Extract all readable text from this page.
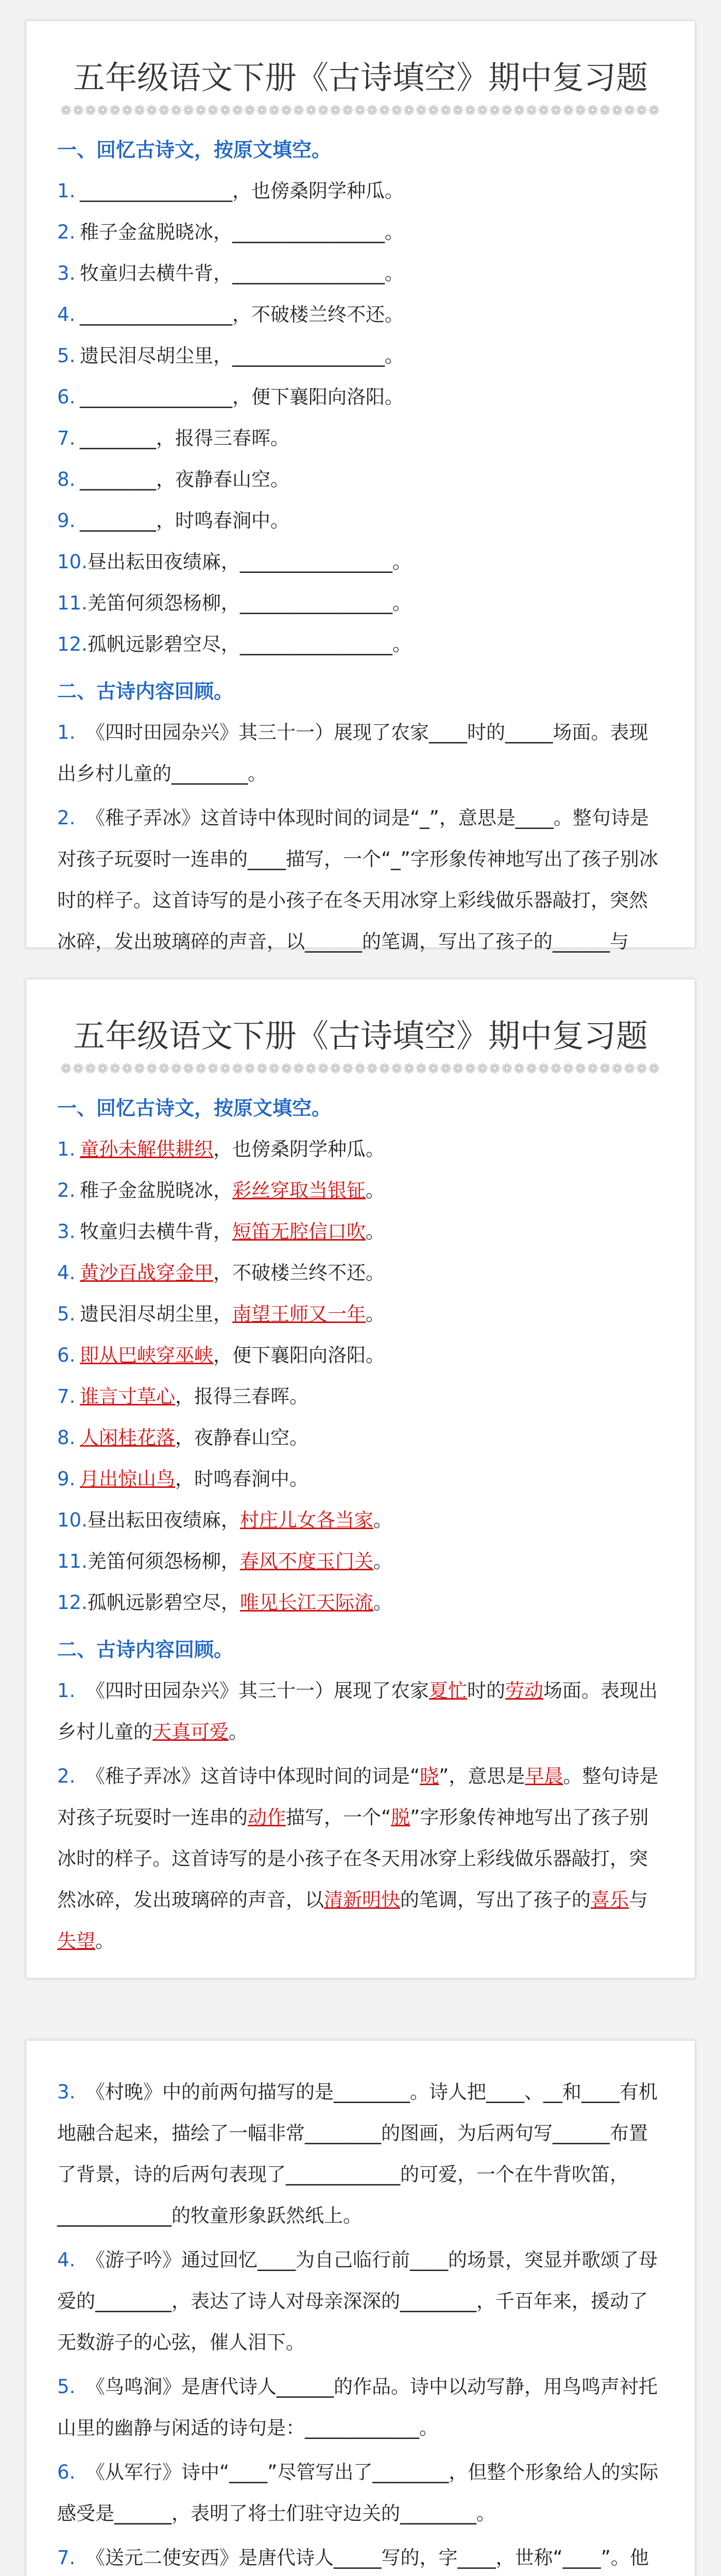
五年级语文下册《古诗填空》期中复习题
❁❁❁❁❁❁❁❁❁❁❁❁❁❁❁❁❁❁❁❁❁❁❁❁❁❁❁❁❁❁❁❁❁❁❁❁❁❁❁❁❁❁❁❁❁❁❁❁❁
一、回忆古诗文，按原文填空。
1. ________________，也傍桑阴学种瓜。
2. 稚子金盆脱晓冰，________________。
3. 牧童归去横牛背，________________。
4. ________________，不破楼兰终不还。
5. 遗民泪尽胡尘里，________________。
6. ________________，便下襄阳向洛阳。
7. ________，报得三春晖。
8. ________，夜静春山空。
9. ________，时鸣春涧中。
10.昼出耘田夜绩麻，________________。
11.羌笛何须怨杨柳，________________。
12.孤帆远影碧空尽，________________。
二、古诗内容回顾。
1. 《四时田园杂兴》其三十一）展现了农家____时的_____场面。表现出乡村儿童的________。
2. 《稚子弄冰》这首诗中体现时间的词是“_”，意思是____。整句诗是对孩子玩耍时一连串的____描写，一个“_”字形象传神地写出了孩子别冰时的样子。这首诗写的是小孩子在冬天用冰穿上彩线做乐器敲打，突然冰碎，发出玻璃碎的声音，以______的笔调，写出了孩子的______与
五年级语文下册《古诗填空》期中复习题
❁❁❁❁❁❁❁❁❁❁❁❁❁❁❁❁❁❁❁❁❁❁❁❁❁❁❁❁❁❁❁❁❁❁❁❁❁❁❁❁❁❁❁❁❁❁❁❁❁
一、回忆古诗文，按原文填空。
1. 童孙未解供耕织，也傍桑阴学种瓜。
2. 稚子金盆脱晓冰，彩丝穿取当银钲。
3. 牧童归去横牛背，短笛无腔信口吹。
4. 黄沙百战穿金甲，不破楼兰终不还。
5. 遗民泪尽胡尘里，南望王师又一年。
6. 即从巴峡穿巫峡，便下襄阳向洛阳。
7. 谁言寸草心，报得三春晖。
8. 人闲桂花落，夜静春山空。
9. 月出惊山鸟，时鸣春涧中。
10.昼出耘田夜绩麻，村庄儿女各当家。
11.羌笛何须怨杨柳，春风不度玉门关。
12.孤帆远影碧空尽，唯见长江天际流。
二、古诗内容回顾。
1. 《四时田园杂兴》其三十一）展现了农家夏忙时的劳动场面。表现出乡村儿童的天真可爱。
2. 《稚子弄冰》这首诗中体现时间的词是“晓”，意思是早晨。整句诗是对孩子玩耍时一连串的动作描写，一个“脱”字形象传神地写出了孩子别冰时的样子。这首诗写的是小孩子在冬天用冰穿上彩线做乐器敲打，突然冰碎，发出玻璃碎的声音，以清新明快的笔调，写出了孩子的喜乐与失望。
3. 《村晚》中的前两句描写的是________。诗人把____、__和____有机地融合起来，描绘了一幅非常________的图画，为后两句写______布置了背景，诗的后两句表现了____________的可爱，一个在牛背吹笛，____________的牧童形象跃然纸上。
4. 《游子吟》通过回忆____为自己临行前____的场景，突显并歌颂了母爱的________，表达了诗人对母亲深深的________，千百年来，援动了无数游子的心弦，催人泪下。
5. 《鸟鸣涧》是唐代诗人______的作品。诗中以动写静，用鸟鸣声衬托山里的幽静与闲适的诗句是：____________。
6. 《从军行》诗中“____”尽管写出了________，但整个形象给人的实际感受是______，表明了将士们驻守边关的________。
7. 《送元二使安西》是唐代诗人_____写的，字____，世称“____”。他
